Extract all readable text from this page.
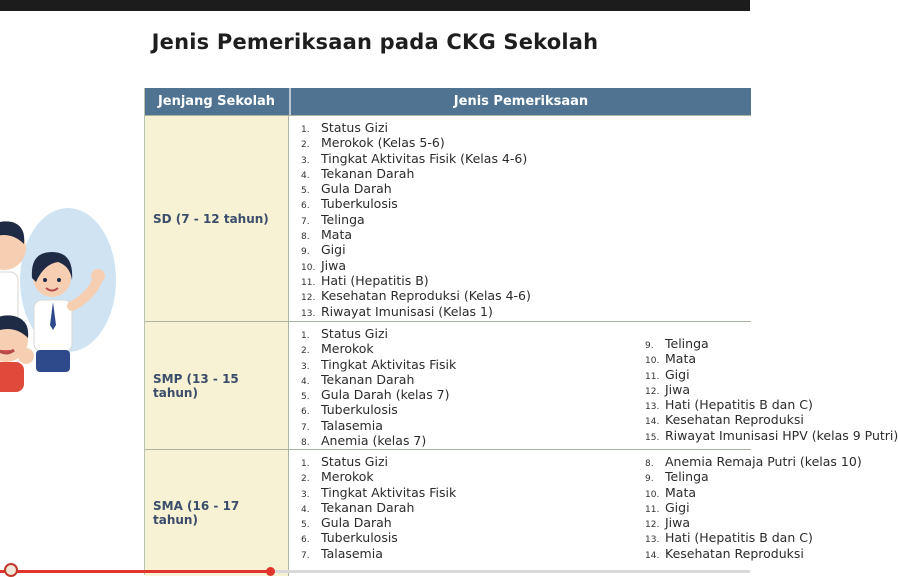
Jenis Pemeriksaan pada CKG Sekolah
Jenjang Sekolah	Jenis Pemeriksaan
SD (7 - 12 tahun)
1. Status Gizi
2. Merokok (Kelas 5-6)
3. Tingkat Aktivitas Fisik (Kelas 4-6)
4. Tekanan Darah
5. Gula Darah
6. Tuberkulosis
7. Telinga
8. Mata
9. Gigi
10. Jiwa
11. Hati (Hepatitis B)
12. Kesehatan Reproduksi (Kelas 4-6)
13. Riwayat Imunisasi (Kelas 1)
SMP (13 - 15 tahun)
1. Status Gizi
2. Merokok
3. Tingkat Aktivitas Fisik
4. Tekanan Darah
5. Gula Darah (kelas 7)
6. Tuberkulosis
7. Talasemia
8. Anemia (kelas 7)
9. Telinga
10. Mata
11. Gigi
12. Jiwa
13. Hati (Hepatitis B dan C)
14. Kesehatan Reproduksi
15. Riwayat Imunisasi HPV (kelas 9 Putri)
SMA (16 - 17 tahun)
1. Status Gizi
2. Merokok
3. Tingkat Aktivitas Fisik
4. Tekanan Darah
5. Gula Darah
6. Tuberkulosis
7. Talasemia
8. Anemia Remaja Putri (kelas 10)
9. Telinga
10. Mata
11. Gigi
12. Jiwa
13. Hati (Hepatitis B dan C)
14. Kesehatan Reproduksi
